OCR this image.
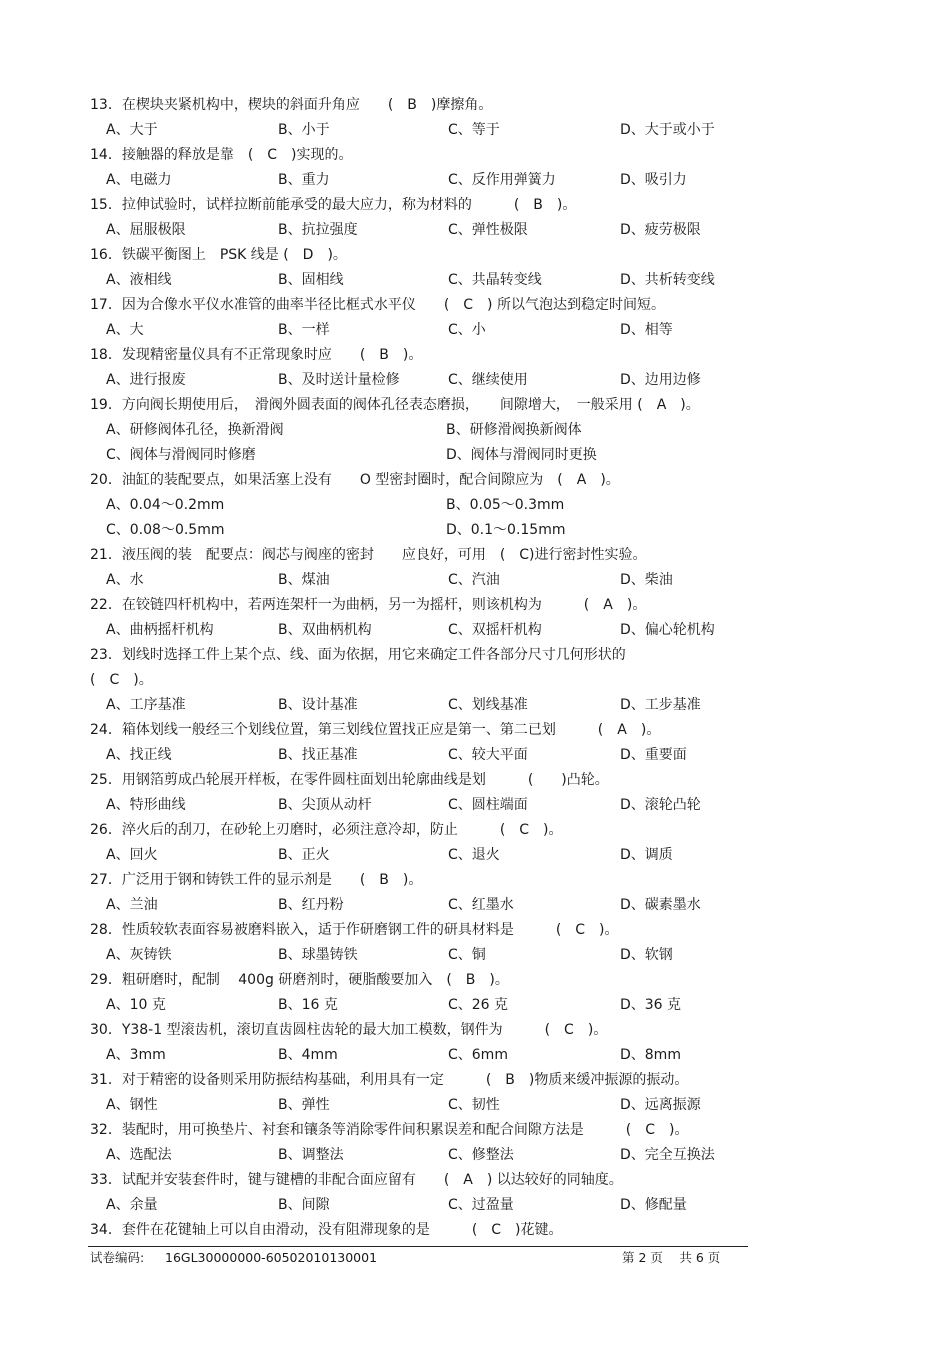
13．在楔块夹紧机构中，楔块的斜面升角应　　(　B　)摩擦角。
A、大于	B、小于	C、等于	D、大于或小于
14．接触器的释放是靠　(　C　)实现的。
A、电磁力	B、重力	C、反作用弹簧力	D、吸引力
15．拉伸试验时，试样拉断前能承受的最大应力，称为材料的　　　(　B　)。
A、屈服极限	B、抗拉强度	C、弹性极限	D、疲劳极限
16．铁碳平衡图上　PSK 线是 (　D　)。
A、液相线	B、固相线	C、共晶转变线	D、共析转变线
17．因为合像水平仪水准管的曲率半径比框式水平仪　　(　C　) 所以气泡达到稳定时间短。
A、大	B、一样	C、小	D、相等
18．发现精密量仪具有不正常现象时应　　(　B　)。
A、进行报废	B、及时送计量检修	C、继续使用	D、边用边修
19．方向阀长期使用后，　滑阀外圆表面的阀体孔径表态磨损，　　间隙增大，　一般采用 (　A　)。
A、研修阀体孔径，换新滑阀	B、研修滑阀换新阀体
C、阀体与滑阀同时修磨	D、阀体与滑阀同时更换
20．油缸的装配要点，如果活塞上没有　　O 型密封圈时，配合间隙应为　(　A　)。
A、0.04～0.2mm	B、0.05～0.3mm
C、0.08～0.5mm	D、0.1～0.15mm
21．液压阀的装　配要点：阀芯与阀座的密封　　应良好，可用　(　C)进行密封性实验。
A、水	B、煤油	C、汽油	D、柴油
22．在铰链四杆机构中，若两连架杆一为曲柄，另一为摇杆，则该机构为　　　(　A　)。
A、曲柄摇杆机构	B、双曲柄机构	C、双摇杆机构	D、偏心轮机构
23．划线时选择工件上某个点、线、面为依据，用它来确定工件各部分尺寸几何形状的
(　C　)。
A、工序基准	B、设计基准	C、划线基准	D、工步基准
24．箱体划线一般经三个划线位置，第三划线位置找正应是第一、第二已划　　　(　A　)。
A、找正线	B、找正基准	C、较大平面	D、重要面
25．用钢箔剪成凸轮展开样板，在零件圆柱面划出轮廓曲线是划　　　(　　)凸轮。
A、特形曲线	B、尖顶从动杆	C、圆柱端面	D、滚轮凸轮
26．淬火后的刮刀，在砂轮上刃磨时，必须注意冷却，防止　　　(　C　)。
A、回火	B、正火	C、退火	D、调质
27．广泛用于钢和铸铁工件的显示剂是　　(　B　)。
A、兰油	B、红丹粉	C、红墨水	D、碳素墨水
28．性质较软表面容易被磨料嵌入，适于作研磨钢工件的研具材料是　　　(　C　)。
A、灰铸铁	B、球墨铸铁	C、铜	D、软钢
29．粗研磨时，配制　 400g 研磨剂时，硬脂酸要加入　(　B　)。
A、10 克	B、16 克	C、26 克	D、36 克
30．Y38-1 型滚齿机，滚切直齿圆柱齿轮的最大加工模数，钢件为　　　(　C　)。
A、3mm	B、4mm	C、6mm	D、8mm
31．对于精密的设备则采用防振结构基础，利用具有一定　　　(　B　)物质来缓冲振源的振动。
A、钢性	B、弹性	C、韧性	D、远离振源
32．装配时，用可换垫片、衬套和镶条等消除零件间积累误差和配合间隙方法是　　　(　C　)。
A、选配法	B、调整法	C、修整法	D、完全互换法
33．试配并安装套件时，键与键槽的非配合面应留有　　(　A　) 以达较好的同轴度。
A、余量	B、间隙	C、过盈量	D、修配量
34．套件在花键轴上可以自由滑动，没有阻滞现象的是　　　(　C　)花键。
试卷编码: 16GL30000000-60502010130001	第 2 页　 共 6 页
